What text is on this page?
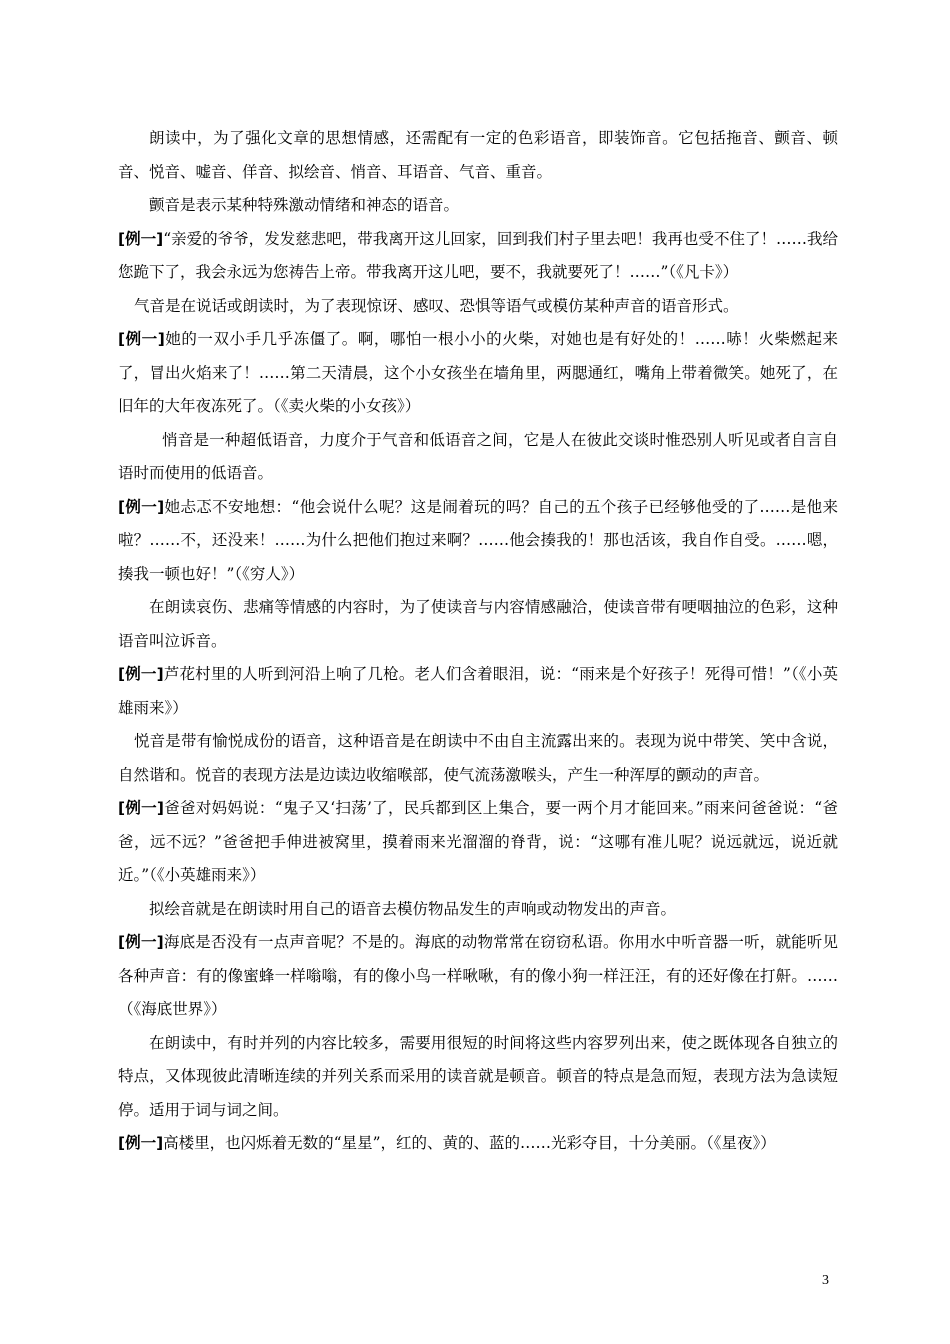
朗读中，为了强化文章的思想情感，还需配有一定的色彩语音，即装饰音。它包括拖音、颤音、顿音、悦音、嘘音、佯音、拟绘音、悄音、耳语音、气音、重音。

颤音是表示某种特殊激动情绪和神态的语音。

[例一]“亲爱的爷爷，发发慈悲吧，带我离开这儿回家，回到我们村子里去吧！我再也受不住了！……我给您跪下了，我会永远为您祷告上帝。带我离开这儿吧，要不，我就要死了！……”（《凡卡》）

气音是在说话或朗读时，为了表现惊讶、感叹、恐惧等语气或模仿某种声音的语音形式。

[例一]她的一双小手几乎冻僵了。啊，哪怕一根小小的火柴，对她也是有好处的！……哧！火柴燃起来了，冒出火焰来了！……第二天清晨，这个小女孩坐在墙角里，两腮通红，嘴角上带着微笑。她死了，在旧年的大年夜冻死了。（《卖火柴的小女孩》）

悄音是一种超低语音，力度介于气音和低语音之间，它是人在彼此交谈时惟恐别人听见或者自言自语时而使用的低语音。

[例一]她忐忑不安地想：“他会说什么呢？这是闹着玩的吗？自己的五个孩子已经够他受的了……是他来啦？……不，还没来！……为什么把他们抱过来啊？……他会揍我的！那也活该，我自作自受。……嗯，揍我一顿也好！”（《穷人》）

在朗读哀伤、悲痛等情感的内容时，为了使读音与内容情感融洽，使读音带有哽咽抽泣的色彩，这种语音叫泣诉音。

[例一]芦花村里的人听到河沿上响了几枪。老人们含着眼泪，说：“雨来是个好孩子！死得可惜！”（《小英雄雨来》）

悦音是带有愉悦成份的语音，这种语音是在朗读中不由自主流露出来的。表现为说中带笑、笑中含说，自然谐和。悦音的表现方法是边读边收缩喉部，使气流荡激喉头，产生一种浑厚的颤动的声音。

[例一]爸爸对妈妈说：“鬼子又‘扫荡’了，民兵都到区上集合，要一两个月才能回来。”雨来问爸爸说：“爸爸，远不远？”爸爸把手伸进被窝里，摸着雨来光溜溜的脊背，说：“这哪有准儿呢？说远就远，说近就近。”（《小英雄雨来》）

拟绘音就是在朗读时用自己的语音去模仿物品发生的声响或动物发出的声音。

[例一]海底是否没有一点声音呢？不是的。海底的动物常常在窃窃私语。你用水中听音器一听，就能听见各种声音：有的像蜜蜂一样嗡嗡，有的像小鸟一样啾啾，有的像小狗一样汪汪，有的还好像在打鼾。……（《海底世界》）

在朗读中，有时并列的内容比较多，需要用很短的时间将这些内容罗列出来，使之既体现各自独立的特点，又体现彼此清晰连续的并列关系而采用的读音就是顿音。顿音的特点是急而短，表现方法为急读短停。适用于词与词之间。

[例一]高楼里，也闪烁着无数的“星星”，红的、黄的、蓝的……光彩夺目，十分美丽。（《星夜》）

3
